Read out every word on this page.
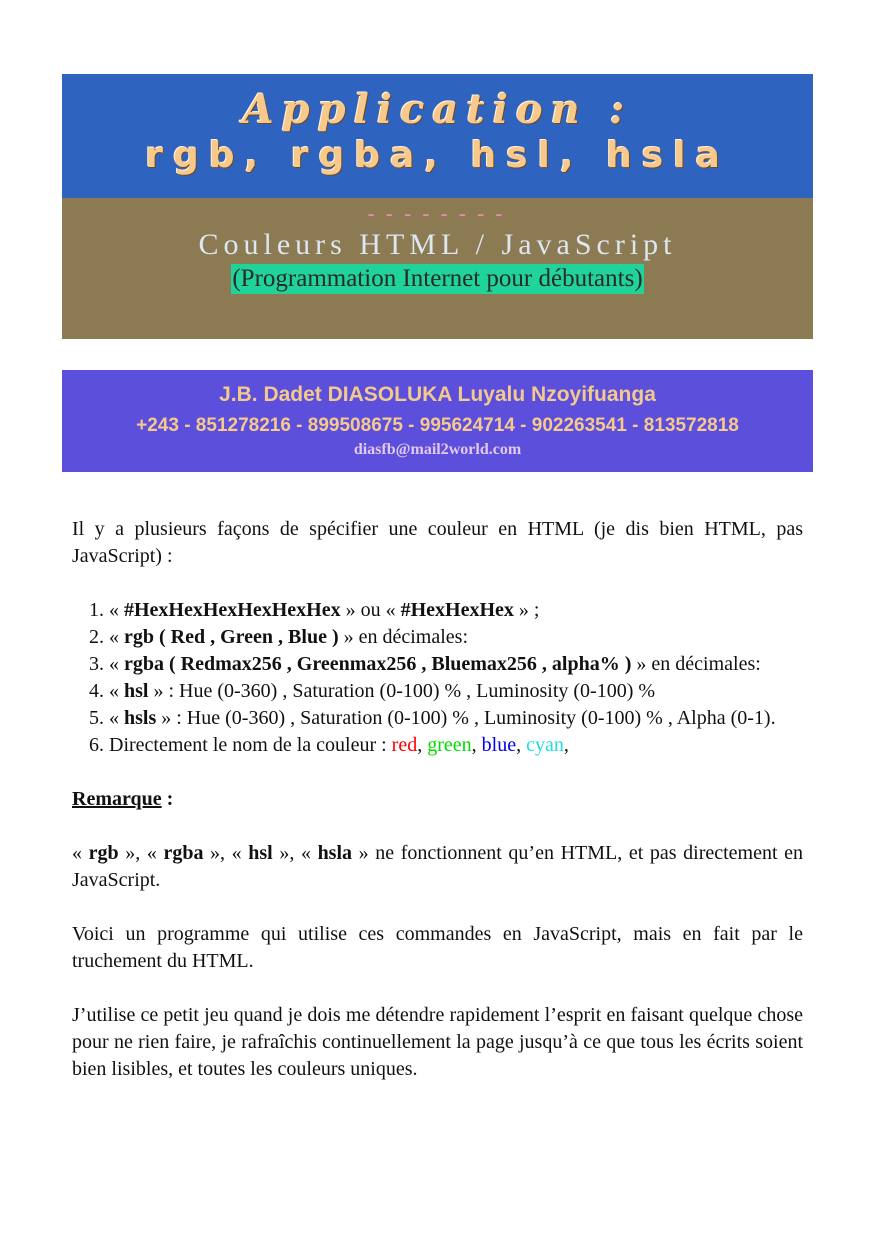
Application :
rgb, rgba, hsl, hsla
--------
Couleurs HTML / JavaScript
(Programmation Internet pour débutants)
J.B. Dadet DIASOLUKA Luyalu Nzoyifuanga
+243 - 851278216 - 899508675 - 995624714 - 902263541 - 813572818
diasfb@mail2world.com

Il y a plusieurs façons de spécifier une couleur en HTML (je dis bien HTML, pas JavaScript) :

1. « #HexHexHexHexHexHex » ou « #HexHexHex » ;
2. « rgb ( Red , Green , Blue ) » en décimales:
3. « rgba ( Redmax256 , Greenmax256 , Bluemax256 , alpha% ) » en décimales:
4. « hsl » : Hue (0-360) , Saturation (0-100) % , Luminosity (0-100) %
5. « hsls » : Hue (0-360) , Saturation (0-100) % , Luminosity (0-100) % , Alpha (0-1).
6. Directement le nom de la couleur : red, green, blue, cyan,

Remarque :

« rgb », « rgba », « hsl », « hsla » ne fonctionnent qu’en HTML, et pas directement en JavaScript.

Voici un programme qui utilise ces commandes en JavaScript, mais en fait par le truchement du HTML.

J’utilise ce petit jeu quand je dois me détendre rapidement l’esprit en faisant quelque chose pour ne rien faire, je rafraîchis continuellement la page jusqu’à ce que tous les écrits soient bien lisibles, et toutes les couleurs uniques.
